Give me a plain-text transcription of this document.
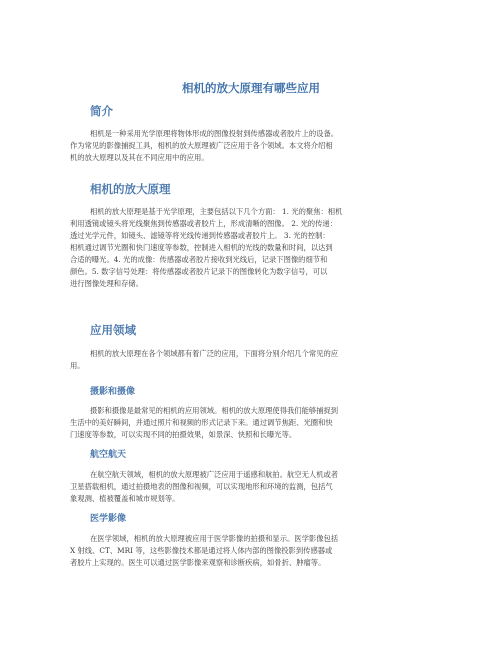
相机的放大原理有哪些应用
简介

相机是一种采用光学原理将物体形成的图像投射到传感器或者胶片上的设备。
作为常见的影像捕捉工具，相机的放大原理被广泛应用于各个领域。本文将介绍相
机的放大原理以及其在不同应用中的应用。

相机的放大原理

相机的放大原理是基于光学原理，主要包括以下几个方面： 1. 光的聚焦：相机
利用透镜或镜头将光线聚焦到传感器或者胶片上，形成清晰的图像。 2. 光的传递：
透过光学元件，如镜头、滤镜等将光线传递到传感器或者胶片上。 3. 光的控制：
相机通过调节光圈和快门速度等参数，控制进入相机的光线的数量和时间，以达到
合适的曝光。4. 光的成像：传感器或者胶片接收到光线后，记录下图像的细节和
颜色。5. 数字信号处理：将传感器或者胶片记录下的图像转化为数字信号，可以
进行图像处理和存储。

应用领域

相机的放大原理在各个领域都有着广泛的应用，下面将分别介绍几个常见的应
用。

摄影和摄像

摄影和摄像是最常见的相机的应用领域。相机的放大原理使得我们能够捕捉到
生活中的美好瞬间，并通过照片和视频的形式记录下来。通过调节焦距、光圈和快
门速度等参数，可以实现不同的拍摄效果，如景深、快照和长曝光等。

航空航天

在航空航天领域，相机的放大原理被广泛应用于遥感和航拍。航空无人机或者
卫星搭载相机，通过拍摄地表的图像和视频，可以实现地形和环境的监测，包括气
象观测、植被覆盖和城市规划等。

医学影像

在医学领域，相机的放大原理被应用于医学影像的拍摄和显示。医学影像包括
X 射线、CT、MRI 等，这些影像技术都是通过将人体内部的图像投影到传感器或
者胶片上实现的。医生可以通过医学影像来观察和诊断疾病，如骨折、肿瘤等。
